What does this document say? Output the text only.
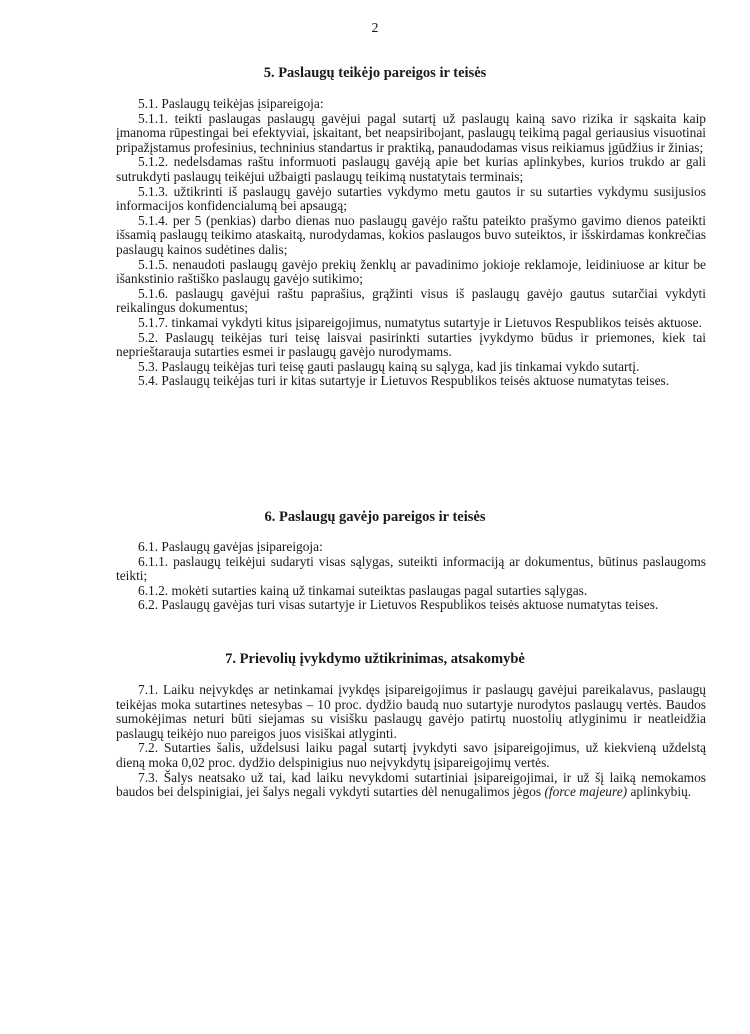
2
5. Paslaugų teikėjo pareigos ir teisės

5.1. Paslaugų teikėjas įsipareigoja:

5.1.1. teikti paslaugas paslaugų gavėjui pagal sutartį už paslaugų kainą savo rizika ir sąskaita kaip įmanoma rūpestingai bei efektyviai, įskaitant, bet neapsiribojant, paslaugų teikimą pagal geriausius visuotinai pripažįstamus profesinius, techninius standartus ir praktiką, panaudodamas visus reikiamus įgūdžius ir žinias;

5.1.2. nedelsdamas raštu informuoti paslaugų gavėją apie bet kurias aplinkybes, kurios trukdo ar gali sutrukdyti paslaugų teikėjui užbaigti paslaugų teikimą nustatytais terminais;

5.1.3. užtikrinti iš paslaugų gavėjo sutarties vykdymo metu gautos ir su sutarties vykdymu susijusios informacijos konfidencialumą bei apsaugą;

5.1.4. per 5 (penkias) darbo dienas nuo paslaugų gavėjo raštu pateikto prašymo gavimo dienos pateikti išsamią paslaugų teikimo ataskaitą, nurodydamas, kokios paslaugos buvo suteiktos, ir išskirdamas konkrečias paslaugų kainos sudėtines dalis;

5.1.5. nenaudoti paslaugų gavėjo prekių ženklų ar pavadinimo jokioje reklamoje, leidiniuose ar kitur be išankstinio raštiško paslaugų gavėjo sutikimo;

5.1.6. paslaugų gavėjui raštu paprašius, grąžinti visus iš paslaugų gavėjo gautus sutarčiai vykdyti reikalingus dokumentus;

5.1.7. tinkamai vykdyti kitus įsipareigojimus, numatytus sutartyje ir Lietuvos Respublikos teisės aktuose.

5.2. Paslaugų teikėjas turi teisę laisvai pasirinkti sutarties įvykdymo būdus ir priemones, kiek tai neprieštarauja sutarties esmei ir paslaugų gavėjo nurodymams.

5.3. Paslaugų teikėjas turi teisę gauti paslaugų kainą su sąlyga, kad jis tinkamai vykdo sutartį.

5.4. Paslaugų teikėjas turi ir kitas sutartyje ir Lietuvos Respublikos teisės aktuose numatytas teises.

6. Paslaugų gavėjo pareigos ir teisės

6.1. Paslaugų gavėjas įsipareigoja:

6.1.1. paslaugų teikėjui sudaryti visas sąlygas, suteikti informaciją ar dokumentus, būtinus paslaugoms teikti;

6.1.2. mokėti sutarties kainą už tinkamai suteiktas paslaugas pagal sutarties sąlygas.

6.2. Paslaugų gavėjas turi visas sutartyje ir Lietuvos Respublikos teisės aktuose numatytas teises.

7. Prievolių įvykdymo užtikrinimas, atsakomybė

7.1. Laiku neįvykdęs ar netinkamai įvykdęs įsipareigojimus ir paslaugų gavėjui pareikalavus, paslaugų teikėjas moka sutartines netesybas – 10 proc. dydžio baudą nuo sutartyje nurodytos paslaugų vertės. Baudos sumokėjimas neturi būti siejamas su visišku paslaugų gavėjo patirtų nuostolių atlyginimu ir neatleidžia paslaugų teikėjo nuo pareigos juos visiškai atlyginti.

7.2. Sutarties šalis, uždelsusi laiku pagal sutartį įvykdyti savo įsipareigojimus, už kiekvieną uždelstą dieną moka 0,02 proc. dydžio delspinigius nuo neįvykdytų įsipareigojimų vertės.

7.3. Šalys neatsako už tai, kad laiku nevykdomi sutartiniai įsipareigojimai, ir už šį laiką nemokamos baudos bei delspinigiai, jei šalys negali vykdyti sutarties dėl nenugalimos jėgos (force majeure) aplinkybių.
